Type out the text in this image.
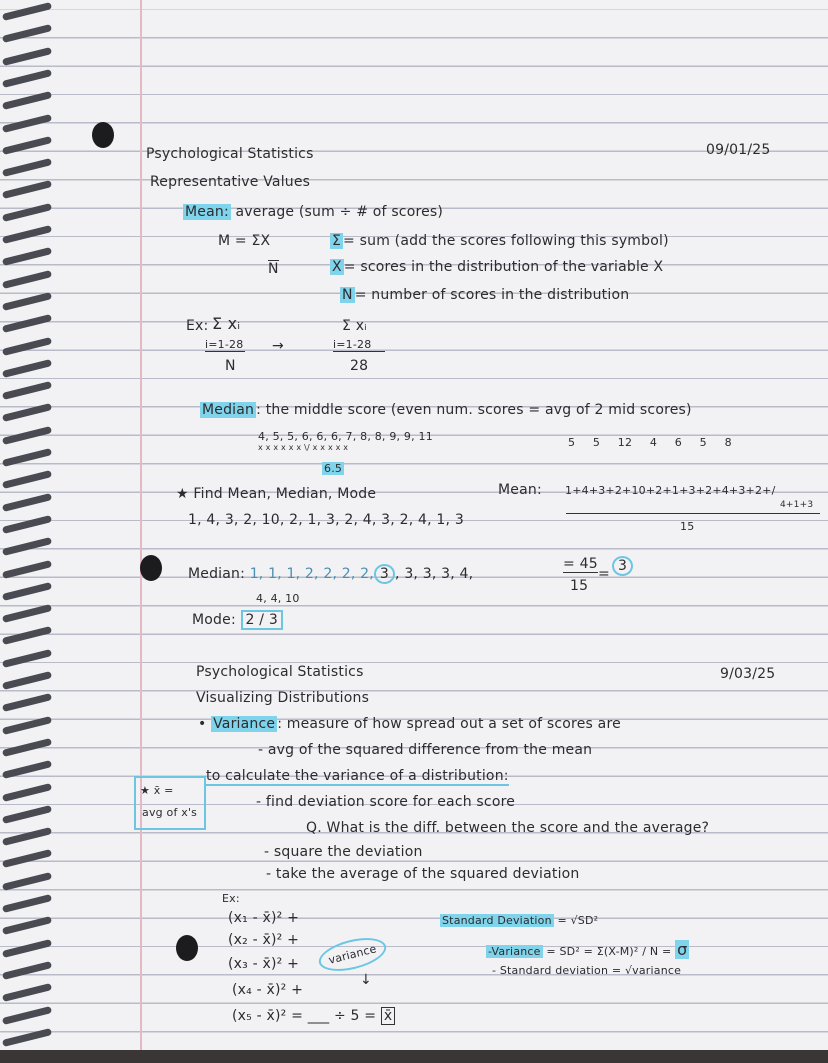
Psychological Statistics	09/01/25
Representative Values
Mean: average (sum ÷ # of scores)
M = ΣX
N
Σ = sum (add the scores following this symbol)
X = scores in the distribution of the variable X
N = number of scores in the distribution
Ex: Σ xᵢ
i=1-28
N
→
Σ xᵢ
i=1-28
28
Median : the middle score (even num. scores = avg of 2 mid scores)
4, 5, 5, 6, 6, 6, 7, 8, 8, 9, 9, 11
x x x x x x \/ x x x x x
6.5
★ Find Mean, Median, Mode
1, 4, 3, 2, 10, 2, 1, 3, 2, 4, 3, 2, 4, 1, 3
5 5 12 4 6 5 8
Mean: 1+4+3+2+10+2+1+3+2+4+3+2+/
4+1+3
15
Median: 1, 1, 1, 2, 2, 2, 2, 3 , 3, 3, 3, 4,
4, 4, 10
Mode: 2 / 3
= 45
15
= 3
Psychological Statistics	9/03/25
Visualizing Distributions
• Variance : measure of how spread out a set of scores are
- avg of the squared difference from the mean
to calculate the variance of a distribution:
- find deviation score for each score
Q. What is the diff. between the score and the average?
- square the deviation
- take the average of the squared deviation
★ x̄ =
avg of x's
Ex:
(x₁ - x̄)² +
(x₂ - x̄)² +
(x₃ - x̄)² +
(x₄ - x̄)² +
(x₅ - x̄)² = ___ ÷ 5 = x̄
variance
↓
Standard Deviation = √SD²
-Variance = SD² = Σ(X-M)² / N = σ
- Standard deviation = √variance
